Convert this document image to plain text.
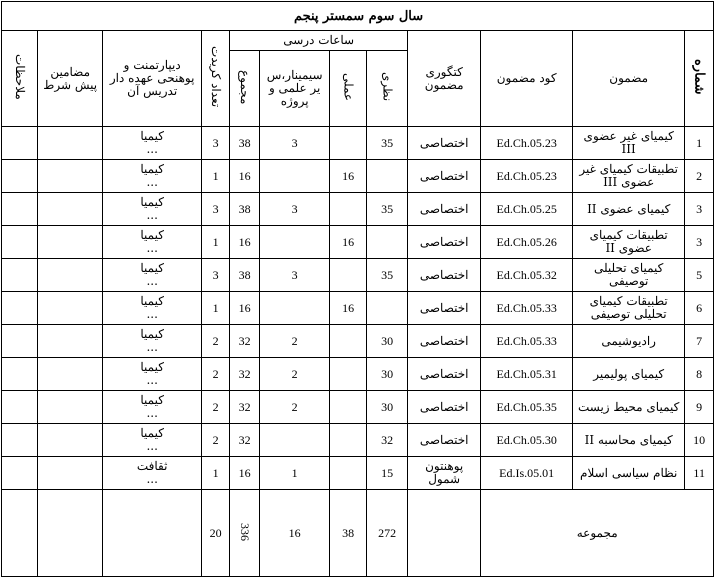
سال سوم سمستر پنجم											
شماره	مضمون	کود مضمون	کتگوری مضمون	ساعات درسی				تعداد کریدت	دیپارتمنت و پوهنحی عهده دار تدریس آن	مضامین پیش شرط	ملاحظات
				نظری	عملی	سیمینار،س یر علمی و پروژه	مجموع				
1	کیمیای غیر عضوی III	Ed.Ch.05.23	اختصاصی	35		3	38	3	کیمیا
...		

2	تطبیقات کیمیای غیر عضوی III	Ed.Ch.05.23	اختصاصی		16		16	1	کیمیا
...		

3	کیمیای عضوی II	Ed.Ch.05.25	اختصاصی	35		3	38	3	کیمیا
...		

3	تطبیقات کیمیای عضوی II	Ed.Ch.05.26	اختصاصی		16		16	1	کیمیا
...		

5	کیمیای تحلیلی توصیفی	Ed.Ch.05.32	اختصاصی	35		3	38	3	کیمیا
...		

6	تطبیقات کیمیای تحلیلی توصیفی	Ed.Ch.05.33	اختصاصی		16		16	1	کیمیا
...		

7	رادیوشیمی	Ed.Ch.05.33	اختصاصی	30		2	32	2	کیمیا
...		

8	کیمیای پولیمیر	Ed.Ch.05.31	اختصاصی	30		2	32	2	کیمیا
...		

9	کیمیای محیط زیست	Ed.Ch.05.35	اختصاصی	30		2	32	2	کیمیا
...		

10	کیمیای محاسبه II	Ed.Ch.05.30	اختصاصی	32			32	2	کیمیا
...		

11	نظام سیاسی اسلام	Ed.Is.05.01	پوهنتون شمول	15		1	16	1	ثقافت
...		

مجموعه				272	38	16	336	20			
